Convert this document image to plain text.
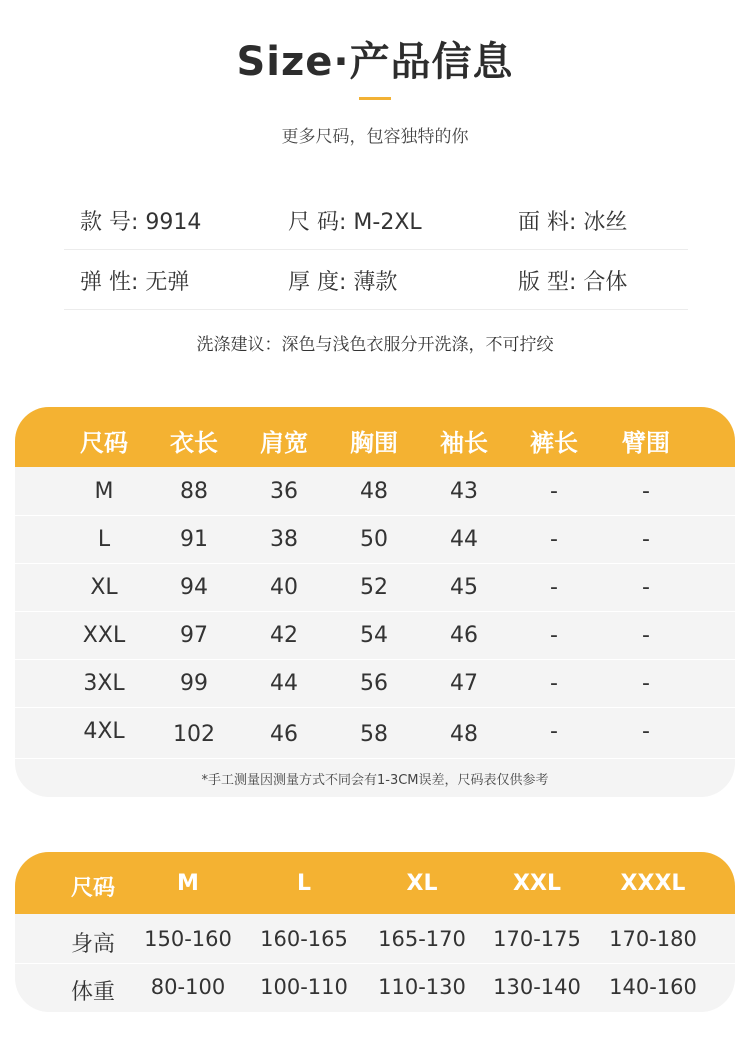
Size·产品信息
更多尺码，包容独特的你
款 号: 9914	尺 码: M-2XL	面 料: 冰丝
弹 性: 无弹	厚 度: 薄款	版 型: 合体
洗涤建议：深色与浅色衣服分开洗涤，不可拧绞
尺码	衣长	肩宽	胸围	袖长	裤长	臂围
M	88	36	48	43	-	-
L	91	38	50	44	-	-
XL	94	40	52	45	-	-
XXL	97	42	54	46	-	-
3XL	99	44	56	47	-	-
4XL	102	46	58	48	-	-
*手工测量因测量方式不同会有1-3CM误差，尺码表仅供参考
尺码	M	L	XL	XXL	XXXL
身高	150-160	160-165	165-170	170-175	170-180
体重	80-100	100-110	110-130	130-140	140-160
